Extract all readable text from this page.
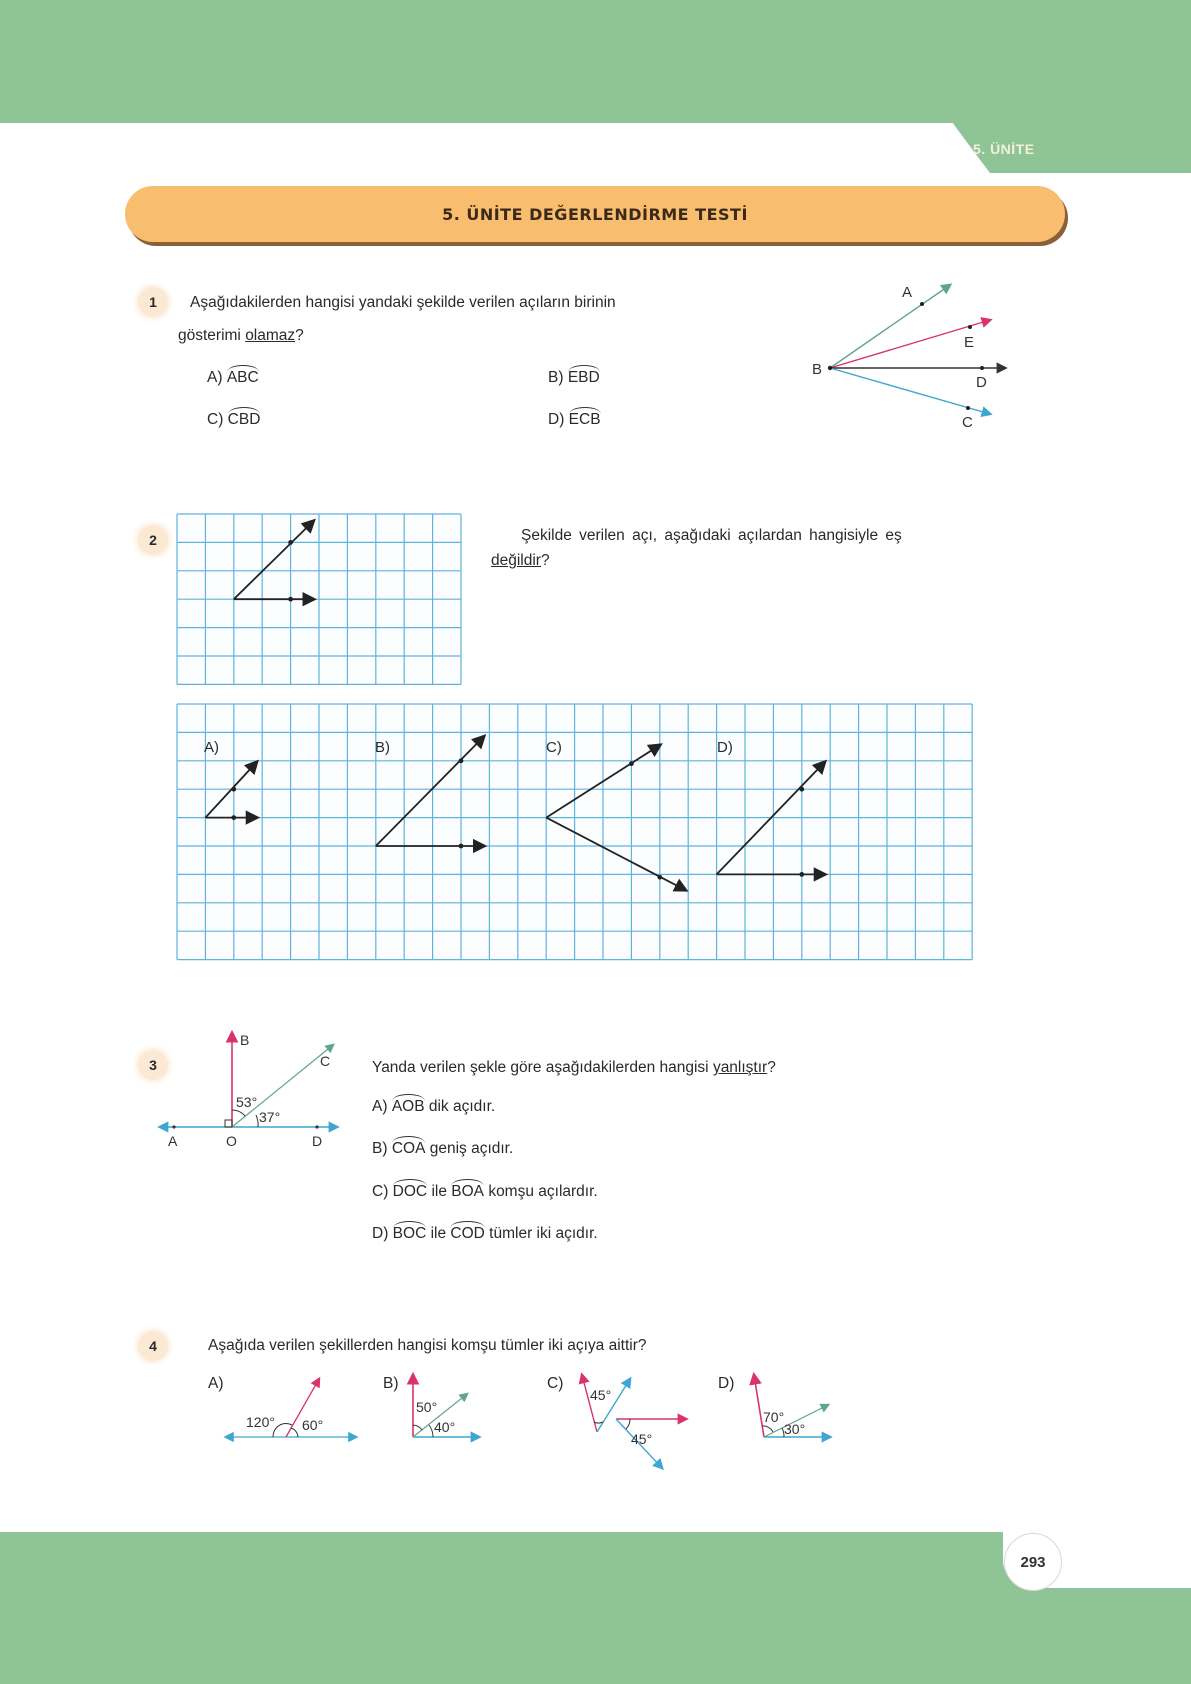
5. ÜNİTE
5. ÜNİTE DEĞERLENDİRME TESTİ
1	Aşağıdakilerden hangisi yandaki şekilde verilen açıların birinin
gösterimi olamaz?
A) ABC	B) EBD
C) CBD	D) ECB
A
B
E
D
C
2	Şekilde verilen açı, aşağıdaki açılardan hangisiyle eş
değildir?
A)	B)	C)	D)
3
B
C
A	O	D
53°
37°
Yanda verilen şekle göre aşağıdakilerden hangisi yanlıştır?
A) AOB dik açıdır.
B) COA geniş açıdır.
C) DOC ile BOA komşu açılardır.
D) BOC ile COD tümler iki açıdır.
4	Aşağıda verilen şekillerden hangisi komşu tümler iki açıya aittir?
A)
120° 60°
B)
50°
40°
C)
45°
45°
D)
70°
30°
293
